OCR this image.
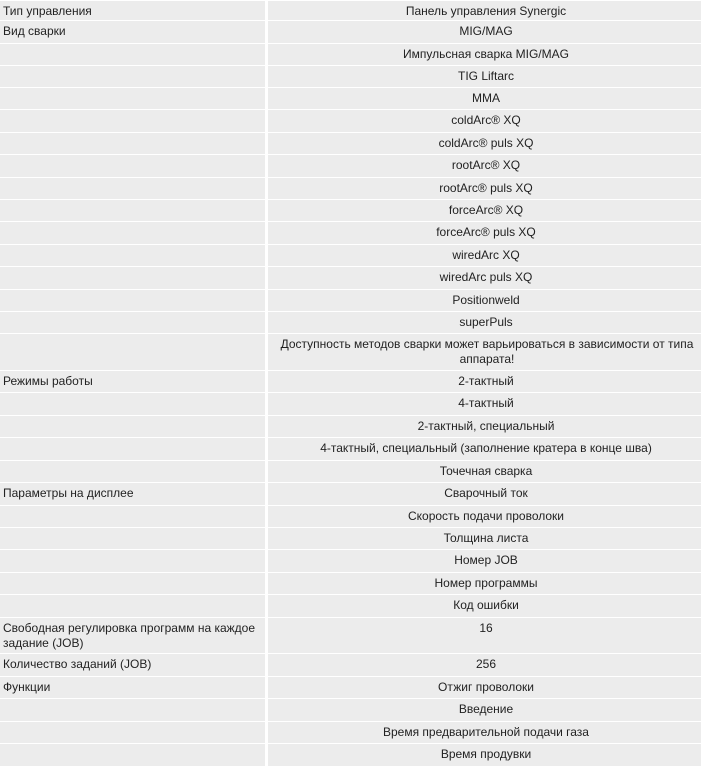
Тип управления	Панель управления Synergic
Вид сварки	MIG/MAG
	Импульсная сварка MIG/MAG
	TIG Liftarc
	MMA
	coldArc® XQ
	coldArc® puls XQ
	rootArc® XQ
	rootArc® puls XQ
	forceArc® XQ
	forceArc® puls XQ
	wiredArc XQ
	wiredArc puls XQ
	Positionweld
	superPuls
	Доступность методов сварки может варьироваться в зависимости от типа аппарата!
Режимы работы	2-тактный
	4-тактный
	2-тактный, специальный
	4-тактный, специальный (заполнение кратера в конце шва)
	Точечная сварка
Параметры на дисплее	Сварочный ток
	Скорость подачи проволоки
	Толщина листа
	Номер JOB
	Номер программы
	Код ошибки
Свободная регулировка программ на каждое задание (JOB)	16
Количество заданий (JOB)	256
Функции	Отжиг проволоки
	Введение
	Время предварительной подачи газа
	Время продувки
